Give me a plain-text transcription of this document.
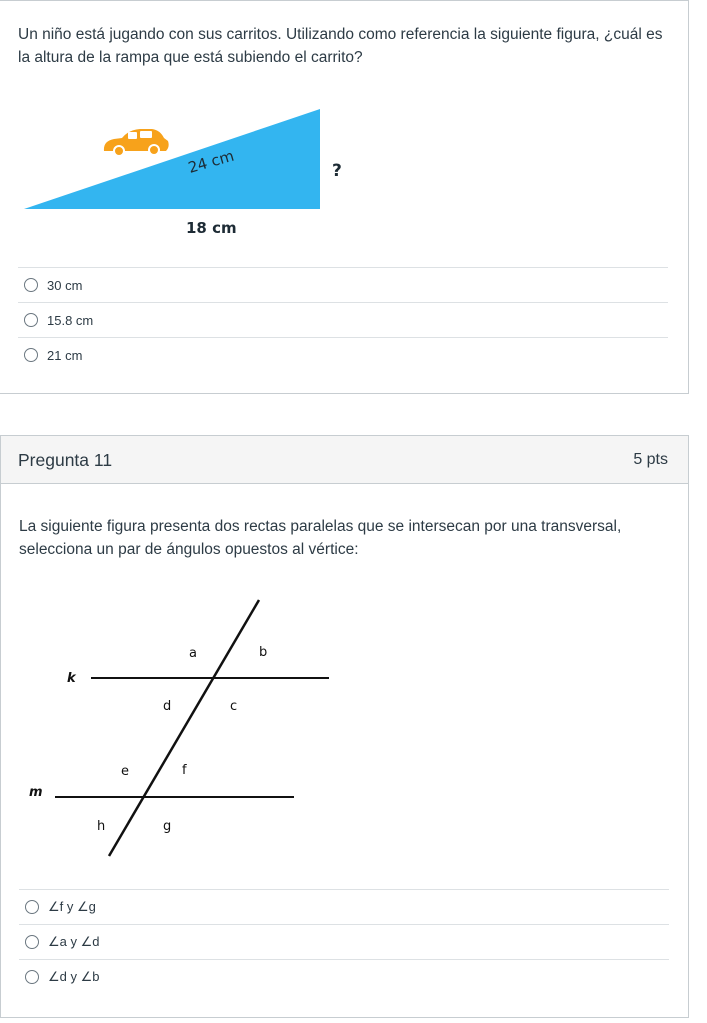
Un niño está jugando con sus carritos. Utilizando como referencia la siguiente figura, ¿cuál es la altura de la rampa que está subiendo el carrito?

24 cm	?
18 cm
30 cm
15.8 cm
21 cm
Pregunta 11	5 pts

La siguiente figura presenta dos rectas paralelas que se intersecan por una transversal, selecciona un par de ángulos opuestos al vértice:

k
m
a	b
c
d
e	f
h	g
∠f y ∠g
∠a y ∠d
∠d y ∠b
